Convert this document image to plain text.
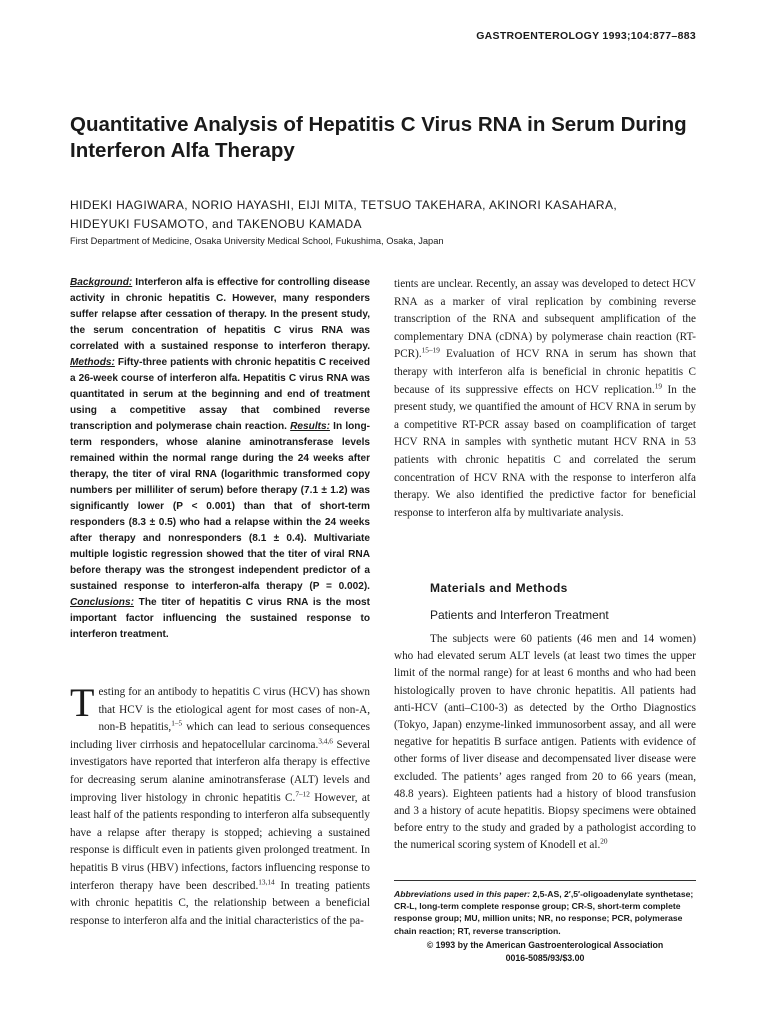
GASTROENTEROLOGY 1993;104:877–883
Quantitative Analysis of Hepatitis C Virus RNA in Serum During Interferon Alfa Therapy
HIDEKI HAGIWARA, NORIO HAYASHI, EIJI MITA, TETSUO TAKEHARA, AKINORI KASAHARA,
HIDEYUKI FUSAMOTO, and TAKENOBU KAMADA
First Department of Medicine, Osaka University Medical School, Fukushima, Osaka, Japan
Background: Interferon alfa is effective for controlling disease activity in chronic hepatitis C. However, many responders suffer relapse after cessation of therapy. In the present study, the serum concentration of hepatitis C virus RNA was correlated with a sustained response to interferon therapy. Methods: Fifty-three patients with chronic hepatitis C received a 26-week course of interferon alfa. Hepatitis C virus RNA was quantitated in serum at the beginning and end of treatment using a competitive assay that combined reverse transcription and polymerase chain reaction. Results: In long-term responders, whose alanine aminotransferase levels remained within the normal range during the 24 weeks after therapy, the titer of viral RNA (logarithmic transformed copy numbers per milliliter of serum) before therapy (7.1 ± 1.2) was significantly lower (P < 0.001) than that of short-term responders (8.3 ± 0.5) who had a relapse within the 24 weeks after therapy and nonresponders (8.1 ± 0.4). Multivariate multiple logistic regression showed that the titer of viral RNA before therapy was the strongest independent predictor of a sustained response to interferon-alfa therapy (P = 0.002). Conclusions: The titer of hepatitis C virus RNA is the most important factor influencing the sustained response to interferon treatment.
Testing for an antibody to hepatitis C virus (HCV) has shown that HCV is the etiological agent for most cases of non-A, non-B hepatitis,$^{1-5}$ which can lead to serious consequences including liver cirrhosis and hepatocellular carcinoma.$^{3,4,6}$ Several investigators have reported that interferon alfa therapy is effective for decreasing serum alanine aminotransferase (ALT) levels and improving liver histology in chronic hepatitis C.$^{7-12}$ However, at least half of the patients responding to interferon alfa subsequently have a relapse after therapy is stopped; achieving a sustained response is difficult even in patients given prolonged treatment. In hepatitis B virus (HBV) infections, factors influencing response to interferon therapy have been described.$^{13,14}$ In treating patients with chronic hepatitis C, the relationship between a beneficial response to interferon alfa and the initial characteristics of the pa-
tients are unclear. Recently, an assay was developed to detect HCV RNA as a marker of viral replication by combining reverse transcription of the RNA and subsequent amplification of the complementary DNA (cDNA) by polymerase chain reaction (RT-PCR).$^{15-19}$ Evaluation of HCV RNA in serum has shown that therapy with interferon alfa is beneficial in chronic hepatitis C because of its suppressive effects on HCV replication.$^{19}$ In the present study, we quantified the amount of HCV RNA in serum by a competitive RT-PCR assay based on coamplification of target HCV RNA in samples with synthetic mutant HCV RNA in 53 patients with chronic hepatitis C and correlated the serum concentration of HCV RNA with the response to interferon alfa therapy. We also identified the predictive factor for beneficial response to interferon alfa by multivariate analysis.
Materials and Methods
Patients and Interferon Treatment
The subjects were 60 patients (46 men and 14 women) who had elevated serum ALT levels (at least two times the upper limit of the normal range) for at least 6 months and who had been histologically proven to have chronic hepatitis. All patients had anti-HCV (anti–C100-3) as detected by the Ortho Diagnostics (Tokyo, Japan) enzyme-linked immunosorbent assay, and all were negative for hepatitis B surface antigen. Patients with evidence of other forms of liver disease and decompensated liver disease were excluded. The patients’ ages ranged from 20 to 66 years (mean, 48.8 years). Eighteen patients had a history of blood transfusion and 3 a history of acute hepatitis. Biopsy specimens were obtained before entry to the study and graded by a pathologist according to the numerical scoring system of Knodell et al.$^{20}$
Abbreviations used in this paper: 2,5-AS, 2′,5′-oligoadenylate synthetase; CR-L, long-term complete response group; CR-S, short-term complete response group; MU, million units; NR, no response; PCR, polymerase chain reaction; RT, reverse transcription.
© 1993 by the American Gastroenterological Association
0016-5085/93/$3.00
